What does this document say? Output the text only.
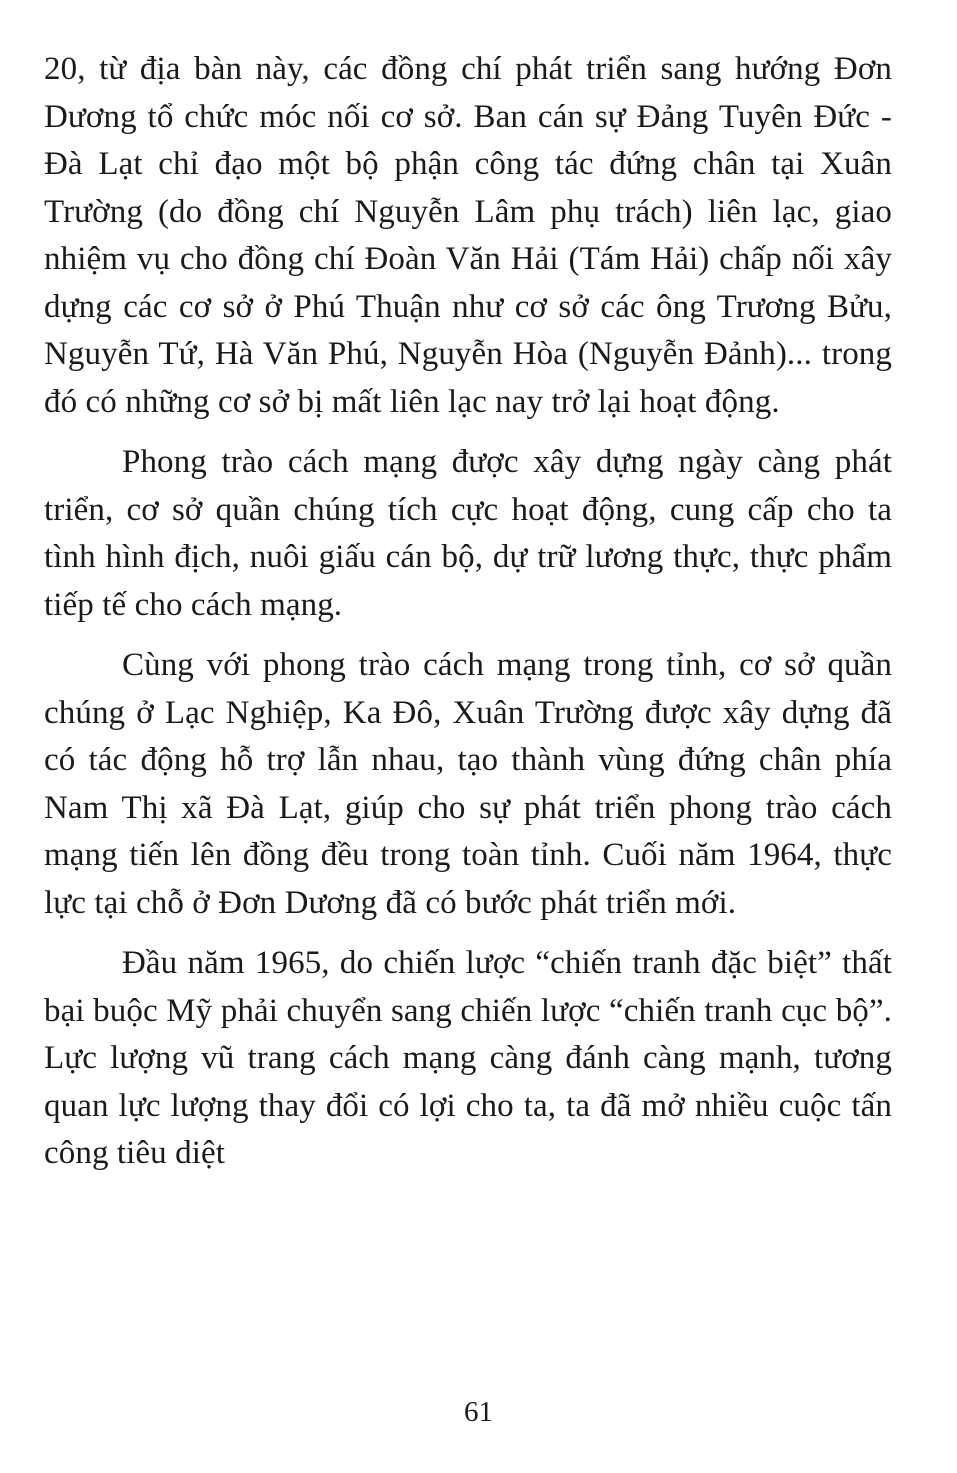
20, từ địa bàn này, các đồng chí phát triển sang hướng Đơn Dương tổ chức móc nối cơ sở. Ban cán sự Đảng Tuyên Đức - Đà Lạt chỉ đạo một bộ phận công tác đứng chân tại Xuân Trường (do đồng chí Nguyễn Lâm phụ trách) liên lạc, giao nhiệm vụ cho đồng chí Đoàn Văn Hải (Tám Hải) chấp nối xây dựng các cơ sở ở Phú Thuận như cơ sở các ông Trương Bửu, Nguyễn Tứ, Hà Văn Phú, Nguyễn Hòa (Nguyễn Đảnh)... trong đó có những cơ sở bị mất liên lạc nay trở lại hoạt động.

Phong trào cách mạng được xây dựng ngày càng phát triển, cơ sở quần chúng tích cực hoạt động, cung cấp cho ta tình hình địch, nuôi giấu cán bộ, dự trữ lương thực, thực phẩm tiếp tế cho cách mạng.

Cùng với phong trào cách mạng trong tỉnh, cơ sở quần chúng ở Lạc Nghiệp, Ka Đô, Xuân Trường được xây dựng đã có tác động hỗ trợ lẫn nhau, tạo thành vùng đứng chân phía Nam Thị xã Đà Lạt, giúp cho sự phát triển phong trào cách mạng tiến lên đồng đều trong toàn tỉnh. Cuối năm 1964, thực lực tại chỗ ở Đơn Dương đã có bước phát triển mới.

Đầu năm 1965, do chiến lược “chiến tranh đặc biệt” thất bại buộc Mỹ phải chuyển sang chiến lược “chiến tranh cục bộ”. Lực lượng vũ trang cách mạng càng đánh càng mạnh, tương quan lực lượng thay đổi có lợi cho ta, ta đã mở nhiều cuộc tấn công tiêu diệt

61
